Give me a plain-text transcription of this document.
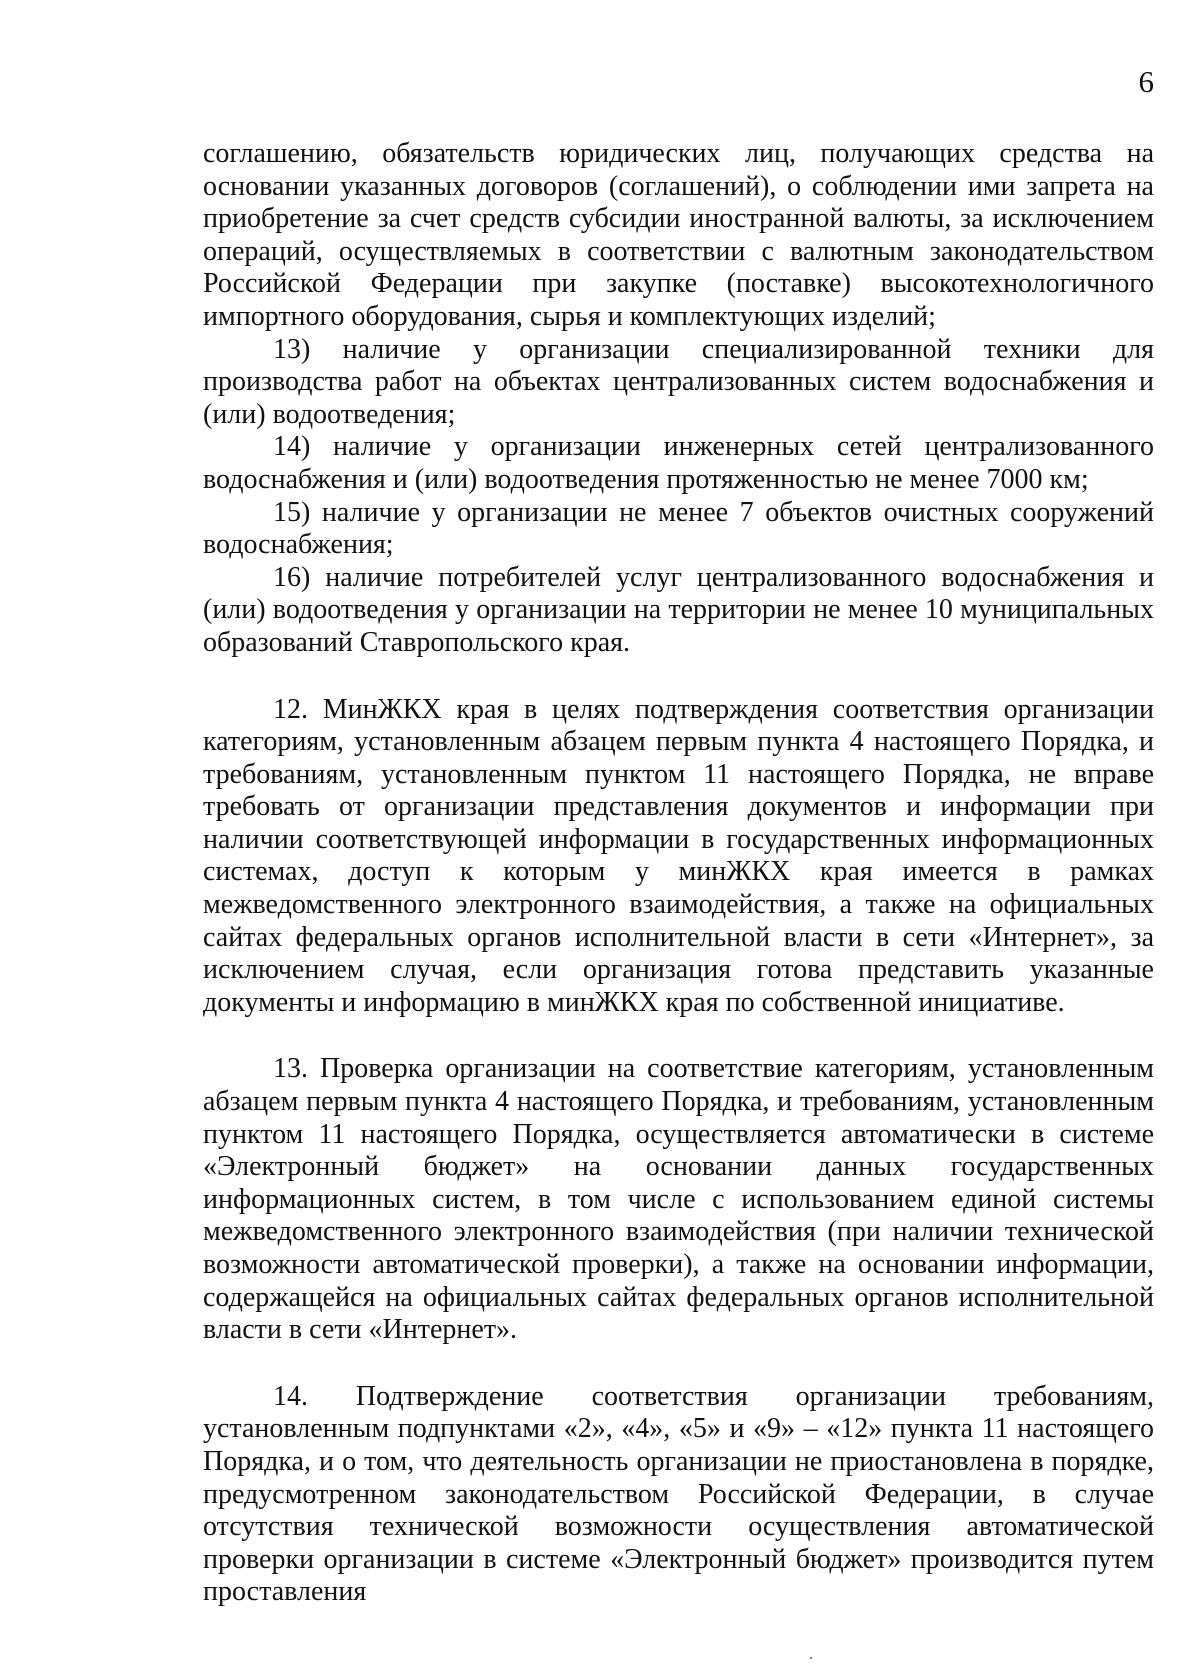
6

соглашению, обязательств юридических лиц, получающих средства на основании указанных договоров (соглашений), о соблюдении ими запрета на приобретение за счет средств субсидии иностранной валюты, за исключением операций, осуществляемых в соответствии с валютным законодательством Российской Федерации при закупке (поставке) высокотехнологичного импортного оборудования, сырья и комплектующих изделий;

13) наличие у организации специализированной техники для производства работ на объектах централизованных систем водоснабжения и (или) водоотведения;

14) наличие у организации инженерных сетей централизованного водоснабжения и (или) водоотведения протяженностью не менее 7000 км;

15) наличие у организации не менее 7 объектов очистных сооружений водоснабжения;

16) наличие потребителей услуг централизованного водоснабжения и (или) водоотведения у организации на территории не менее 10 муниципальных образований Ставропольского края.

12. МинЖКХ края в целях подтверждения соответствия организации категориям, установленным абзацем первым пункта 4 настоящего Порядка, и требованиям, установленным пунктом 11 настоящего Порядка, не вправе требовать от организации представления документов и информации при наличии соответствующей информации в государственных информационных системах, доступ к которым у минЖКХ края имеется в рамках межведомственного электронного взаимодействия, а также на официальных сайтах федеральных органов исполнительной власти в сети «Интернет», за исключением случая, если организация готова представить указанные документы и информацию в минЖКХ края по собственной инициативе.

13. Проверка организации на соответствие категориям, установленным абзацем первым пункта 4 настоящего Порядка, и требованиям, установленным пунктом 11 настоящего Порядка, осуществляется автоматически в системе «Электронный бюджет» на основании данных государственных информационных систем, в том числе с использованием единой системы межведомственного электронного взаимодействия (при наличии технической возможности автоматической проверки), а также на основании информации, содержащейся на официальных сайтах федеральных органов исполнительной власти в сети «Интернет».

14. Подтверждение соответствия организации требованиям, установленным подпунктами «2», «4», «5» и «9» – «12» пункта 11 настоящего Порядка, и о том, что деятельность организации не приостановлена в порядке, предусмотренном законодательством Российской Федерации, в случае отсутствия технической возможности осуществления автоматической проверки организации в системе «Электронный бюджет» производится путем проставления
